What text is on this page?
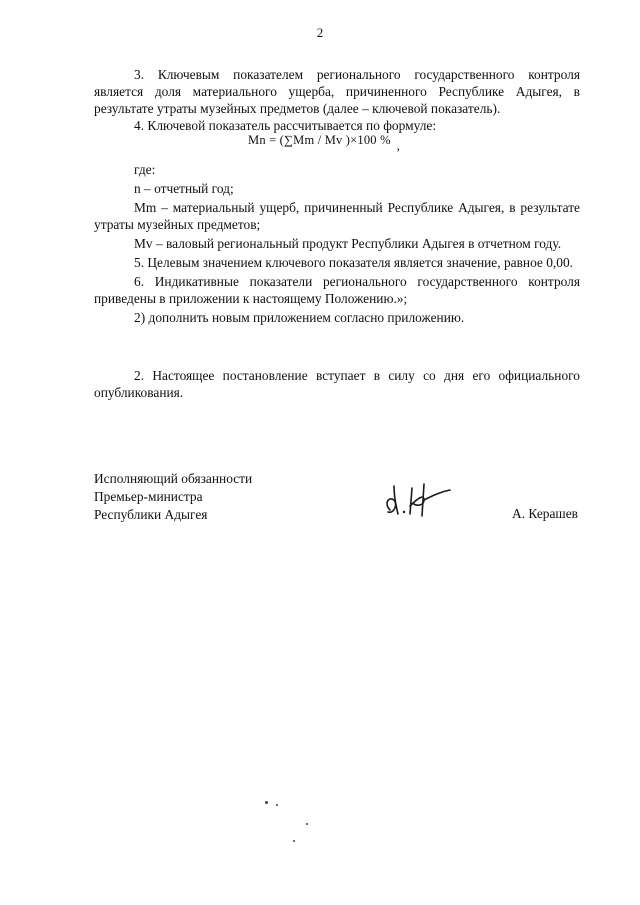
2

3. Ключевым показателем регионального государственного контроля является доля материального ущерба, причиненного Республике Адыгея, в результате утраты музейных предметов (далее – ключевой показатель).

4. Ключевой показатель рассчитывается по формуле:

Мn = (∑Мm / Мv )×100 % ,

где:

n – отчетный год;

Мm – материальный ущерб, причиненный Республике Адыгея, в результате утраты музейных предметов;

Мv – валовый региональный продукт Республики Адыгея в отчетном году.

5. Целевым значением ключевого показателя является значение, равное 0,00.

6. Индикативные показатели регионального государственного контроля приведены в приложении к настоящему Положению.»;

2) дополнить новым приложением согласно приложению.

2. Настоящее постановление вступает в силу со дня его официального опубликования.

Исполняющий обязанности
Премьер-министра
Республики Адыгея	А. Керашев
